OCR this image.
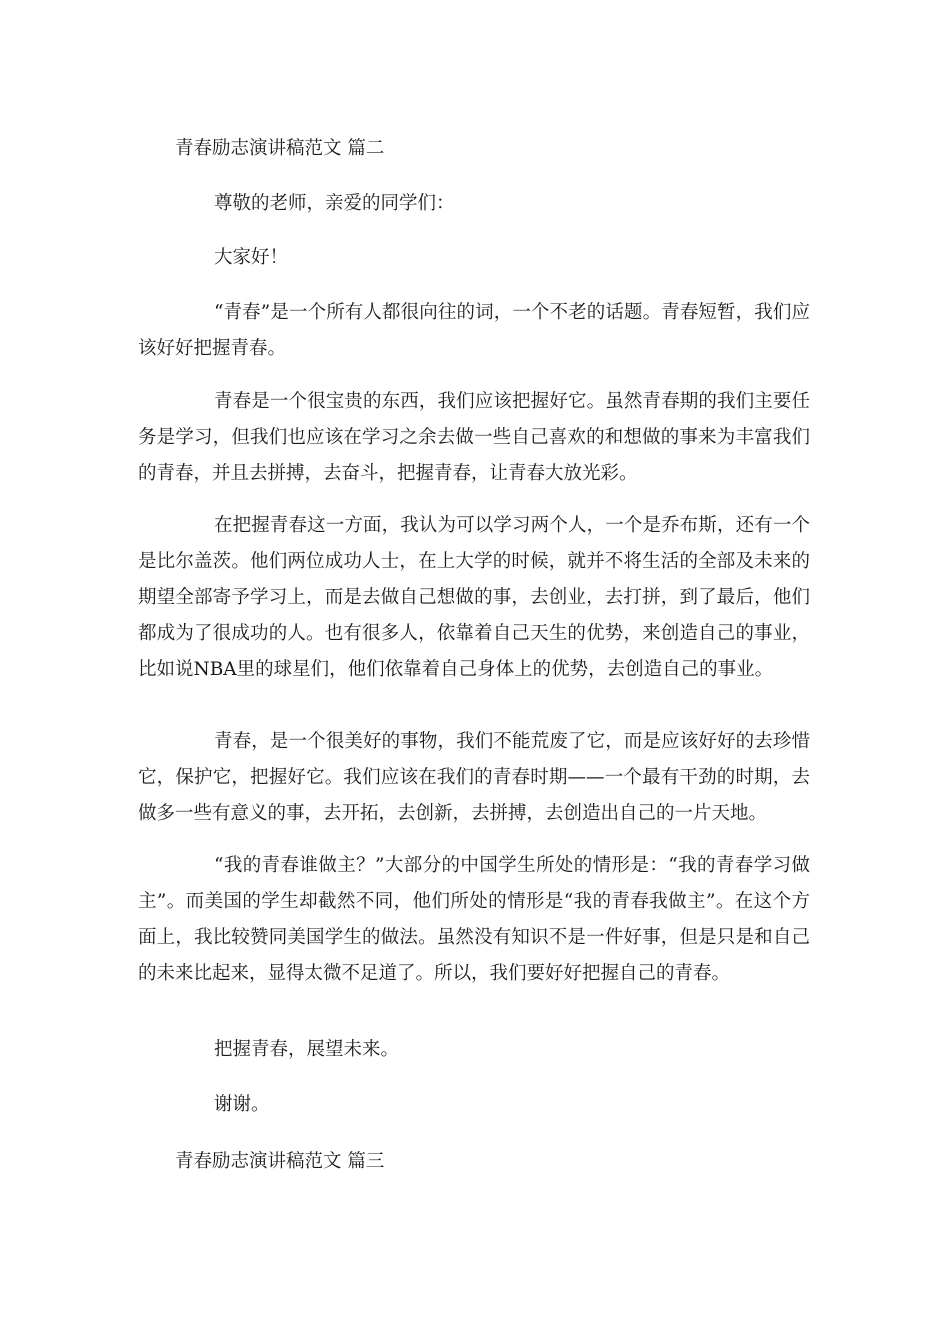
青春励志演讲稿范文 篇二

尊敬的老师，亲爱的同学们：

大家好！

“青春”是一个所有人都很向往的词，一个不老的话题。青春短暂，我们应该好好把握青春。

青春是一个很宝贵的东西，我们应该把握好它。虽然青春期的我们主要任务是学习，但我们也应该在学习之余去做一些自己喜欢的和想做的事来为丰富我们的青春，并且去拼搏，去奋斗，把握青春，让青春大放光彩。

在把握青春这一方面，我认为可以学习两个人，一个是乔布斯，还有一个是比尔盖茨。他们两位成功人士，在上大学的时候，就并不将生活的全部及未来的期望全部寄予学习上，而是去做自己想做的事，去创业，去打拼，到了最后，他们都成为了很成功的人。也有很多人，依靠着自己天生的优势，来创造自己的事业，比如说NBA里的球星们，他们依靠着自己身体上的优势，去创造自己的事业。

青春，是一个很美好的事物，我们不能荒废了它，而是应该好好的去珍惜它，保护它，把握好它。我们应该在我们的青春时期——一个最有干劲的时期，去做多一些有意义的事，去开拓，去创新，去拼搏，去创造出自己的一片天地。

“我的青春谁做主？”大部分的中国学生所处的情形是：“我的青春学习做主”。而美国的学生却截然不同，他们所处的情形是“我的青春我做主”。在这个方面上，我比较赞同美国学生的做法。虽然没有知识不是一件好事，但是只是和自己的未来比起来，显得太微不足道了。所以，我们要好好把握自己的青春。

把握青春，展望未来。

谢谢。

青春励志演讲稿范文 篇三
